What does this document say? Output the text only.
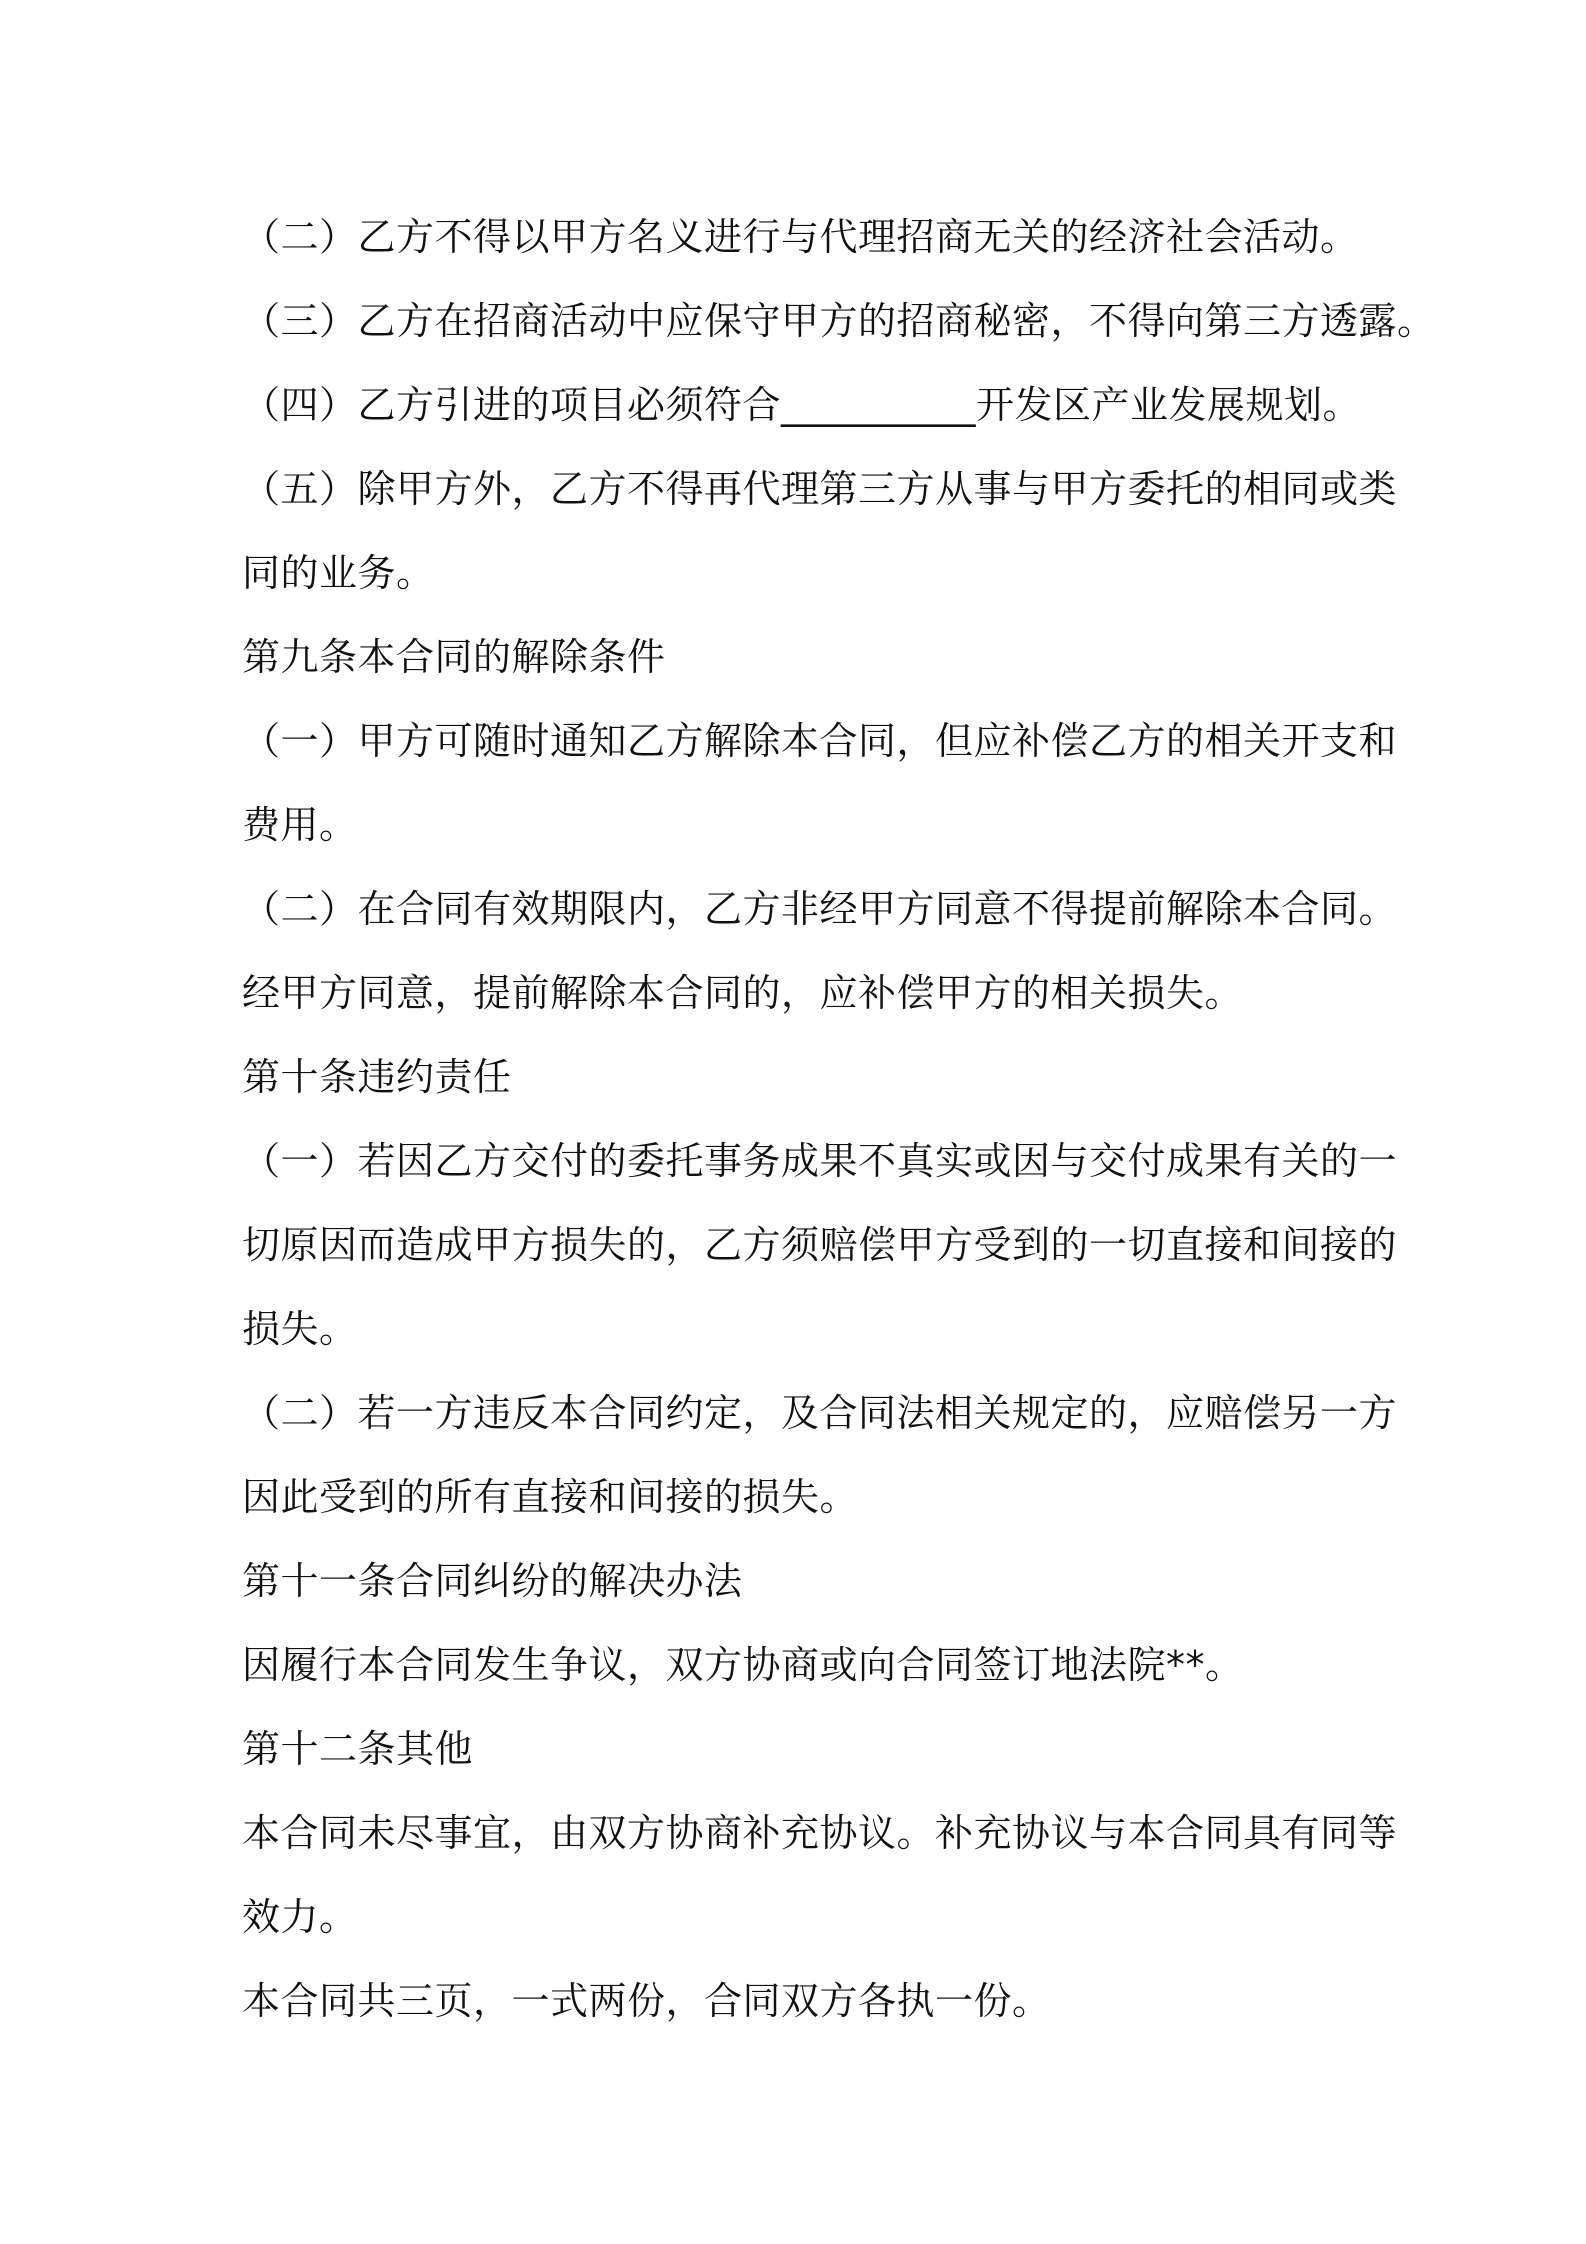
（二）乙方不得以甲方名义进行与代理招商无关的经济社会活动。
（三）乙方在招商活动中应保守甲方的招商秘密，不得向第三方透露。
（四）乙方引进的项目必须符合__________开发区产业发展规划。
（五）除甲方外，乙方不得再代理第三方从事与甲方委托的相同或类
同的业务。
第九条本合同的解除条件
（一）甲方可随时通知乙方解除本合同，但应补偿乙方的相关开支和
费用。
（二）在合同有效期限内，乙方非经甲方同意不得提前解除本合同。
经甲方同意，提前解除本合同的，应补偿甲方的相关损失。
第十条违约责任
（一）若因乙方交付的委托事务成果不真实或因与交付成果有关的一
切原因而造成甲方损失的，乙方须赔偿甲方受到的一切直接和间接的
损失。
（二）若一方违反本合同约定，及合同法相关规定的，应赔偿另一方
因此受到的所有直接和间接的损失。
第十一条合同纠纷的解决办法
因履行本合同发生争议，双方协商或向合同签订地法院**。
第十二条其他
本合同未尽事宜，由双方协商补充协议。补充协议与本合同具有同等
效力。
本合同共三页，一式两份，合同双方各执一份。
